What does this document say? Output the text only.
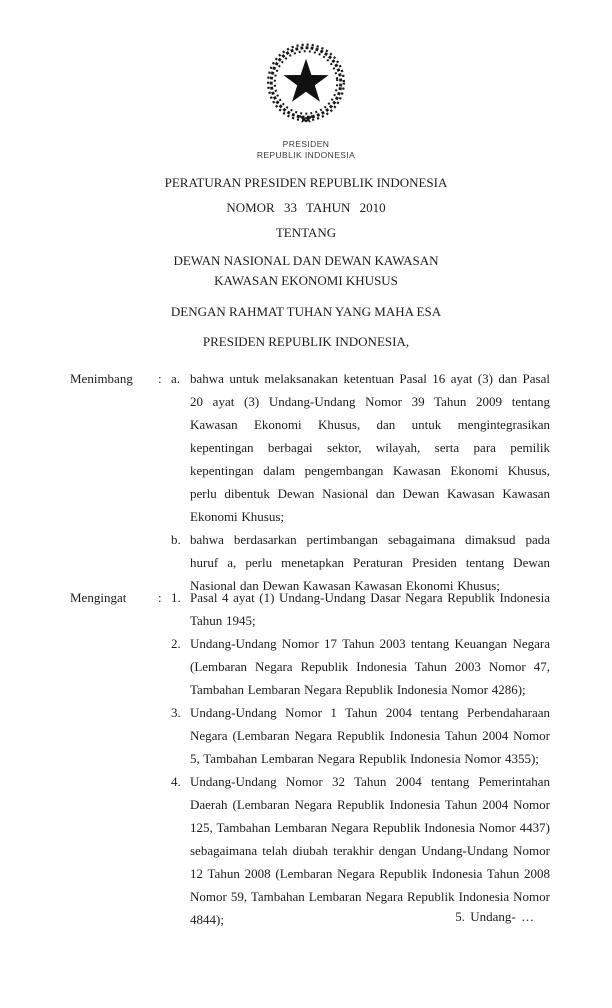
PRESIDEN
REPUBLIK INDONESIA

PERATURAN PRESIDEN REPUBLIK INDONESIA

NOMOR 33 TAHUN 2010

TENTANG

DEWAN NASIONAL DAN DEWAN KAWASAN
KAWASAN EKONOMI KHUSUS

DENGAN RAHMAT TUHAN YANG MAHA ESA

PRESIDEN REPUBLIK INDONESIA,

Menimbang	: a. bahwa untuk melaksanakan ketentuan Pasal 16 ayat (3) dan Pasal 20 ayat (3) Undang-Undang Nomor 39 Tahun 2009 tentang Kawasan Ekonomi Khusus, dan untuk mengintegrasikan kepentingan berbagai sektor, wilayah, serta para pemilik kepentingan dalam pengembangan Kawasan Ekonomi Khusus, perlu dibentuk Dewan Nasional dan Dewan Kawasan Kawasan Ekonomi Khusus;
b. bahwa berdasarkan pertimbangan sebagaimana dimaksud pada huruf a, perlu menetapkan Peraturan Presiden tentang Dewan Nasional dan Dewan Kawasan Kawasan Ekonomi Khusus;
Mengingat	: 1. Pasal 4 ayat (1) Undang-Undang Dasar Negara Republik Indonesia Tahun 1945;
2. Undang-Undang Nomor 17 Tahun 2003 tentang Keuangan Negara (Lembaran Negara Republik Indonesia Tahun 2003 Nomor 47, Tambahan Lembaran Negara Republik Indonesia Nomor 4286);
3. Undang-Undang Nomor 1 Tahun 2004 tentang Perbendaharaan Negara (Lembaran Negara Republik Indonesia Tahun 2004 Nomor 5, Tambahan Lembaran Negara Republik Indonesia Nomor 4355);
4. Undang-Undang Nomor 32 Tahun 2004 tentang Pemerintahan Daerah (Lembaran Negara Republik Indonesia Tahun 2004 Nomor 125, Tambahan Lembaran Negara Republik Indonesia Nomor 4437) sebagaimana telah diubah terakhir dengan Undang-Undang Nomor 12 Tahun 2008 (Lembaran Negara Republik Indonesia Tahun 2008 Nomor 59, Tambahan Lembaran Negara Republik Indonesia Nomor 4844);	5. Undang- …
